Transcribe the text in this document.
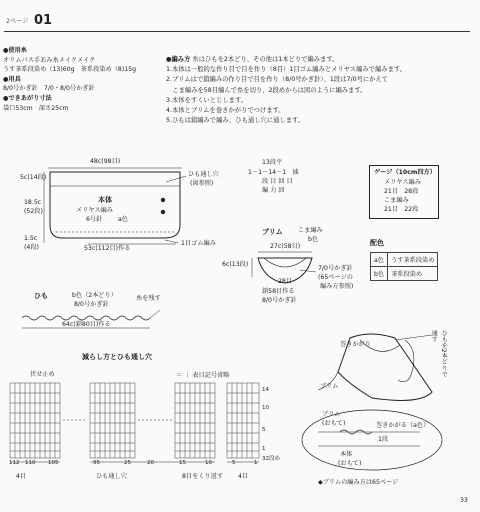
2ページ 01
●使用糸
オリムパス手あみ糸メイクメイク
うす茶系段染め（13)60g　茶系段染め（8)15g
●用具
8/0号かぎ針　7/0・8/0号かぎ針
●できあがり寸法
袋口53cm　深さ25cm
●編み方 糸はひもを2本どり、その他は1本どりで編みます。
1.本体は一般的な作り目で目を作り（8目）1目ゴム編みとメリヤス編みで編みます。
2.ブリムはで鎖編みの作り目で目を作り（8/0号かぎ針）、1段は7/0号にかえて
　こま編みを58目編んで糸を切り、2段めからは図のように編みます。
3.本体をすくいとじします。
4.本体とブリムを巻きかがりでつけます。
5.ひもは鎖編みで編み、ひも通し穴に通します。
48c(98目)
5c(14段)
18.5c
(52段)
1.5c
(4段)
本体
メリヤス編み
6号針	a色
53c(112目)作る
ひも通し穴
(図参照)
1目ゴム編み
13段平
1－1－14－1　減
段 目 回 目
編 力 回
ゲージ（10cm四方）
メリヤス編み
21目　28段
こま編み
21目　22段
ブリム こま編み
b色
27c(58目)
6c(13段)
28目
鎖58目作る
8/0号かぎ針
7/0号かぎ針
(65ページの
編み方参照)
配色
a色	うす茶系段染め
b色	茶系段染め
ひも	b色（2本どり）
8/0号かぎ針
糸を残す
64c(鎖80目)作る
減らし方とひも通し穴
＝ ｜ 表目記号省略
伏せ止め
112 110 105	95	25	20	15	10	5	1
4目	ひも通し穴	8目をくり返す 4目
14
10
5
1
32段め
巻きかがり	ひもを2本どりで
通す
ブリム
ブリム
(おもて)	巻きかがる（a色）
1段
本体
(おもて)
◆ブリムの編み方は65ページ
33
